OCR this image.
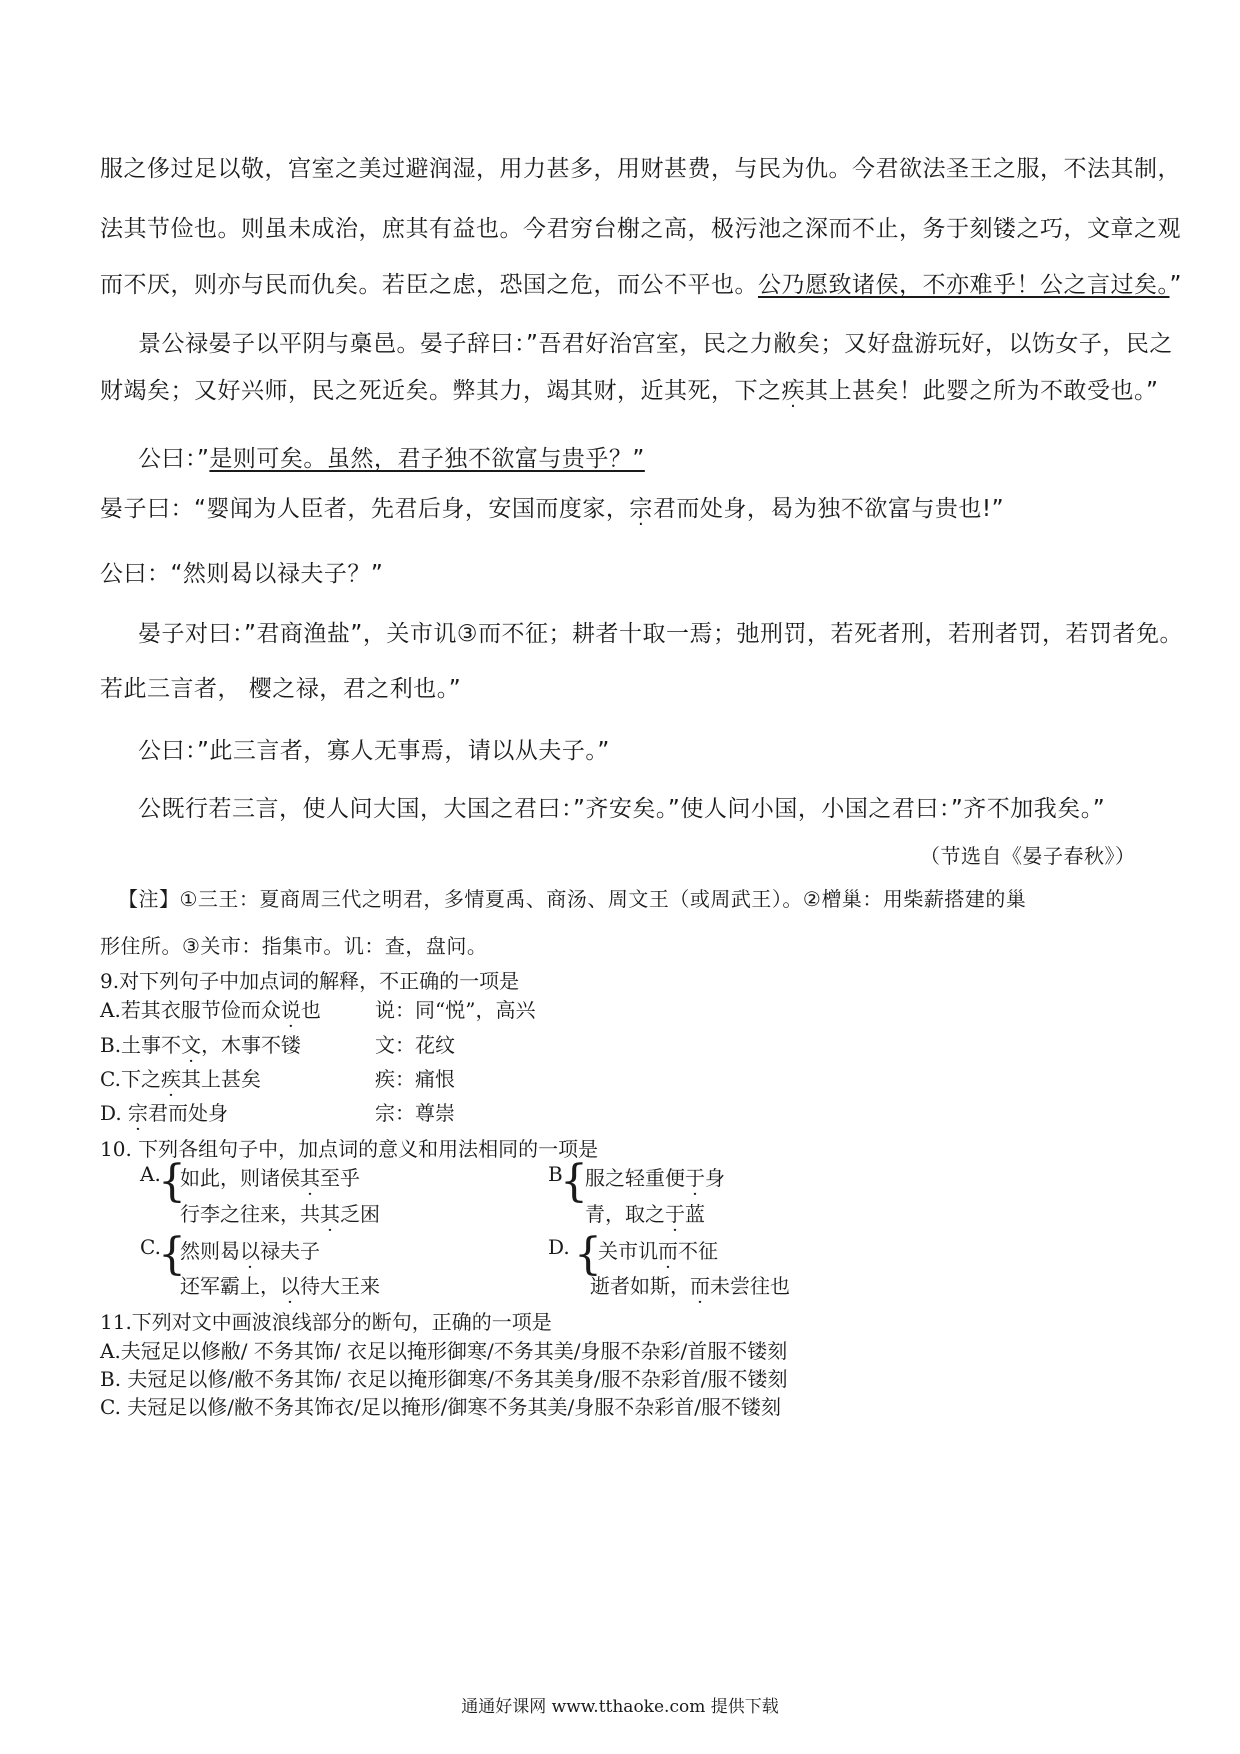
服之侈过足以敬，宫室之美过避润湿，用力甚多，用财甚费，与民为仇。今君欲法圣王之服，不法其制，
法其节俭也。则虽未成治，庶其有益也。今君穷台榭之高，极污池之深而不止，务于刻镂之巧，文章之观
而不厌，则亦与民而仇矣。若臣之虑，恐国之危，而公不平也。公乃愿致诸侯，不亦难乎！公之言过矣。”
景公禄晏子以平阴与槀邑。晏子辞曰：”吾君好治宫室，民之力敝矣；又好盘游玩好，以饬女子，民之
财竭矣；又好兴师，民之死近矣。弊其力，竭其财，近其死，下之疾其上甚矣！此婴之所为不敢受也。”
公曰：”是则可矣。虽然，君子独不欲富与贵乎？”
晏子曰：“婴闻为人臣者，先君后身，安国而度家，宗君而处身，曷为独不欲富与贵也!”
公曰：“然则曷以禄夫子？”
晏子对曰：”君商渔盐”，关市讥③而不征；耕者十取一焉；弛刑罚，若死者刑，若刑者罚，若罚者免。
若此三言者， 樱之禄，君之利也。”
公曰：”此三言者，寡人无事焉，请以从夫子。”
公既行若三言，使人问大国，大国之君曰：”齐安矣。”使人问小国，小国之君曰：”齐不加我矣。”
（节选自《晏子春秋》）
【注】①三王：夏商周三代之明君，多情夏禹、商汤、周文王（或周武王）。②橧巢：用柴薪搭建的巢
形住所。③关市：指集市。讥：查，盘问。
9.对下列句子中加点词的解释，不正确的一项是
A.若其衣服节俭而众说也	说：同“悦”，高兴
B.土事不文，木事不镂	文：花纹
C.下之疾其上甚矣	疾：痛恨
D. 宗君而处身	宗：尊崇
10. 下列各组句子中，加点词的意义和用法相同的一项是
A.
{
如此，则诸侯其至乎
行李之往来，共其乏困
B
{
服之轻重便于身
青，取之于蓝
C.
{
然则曷以禄夫子
还军霸上，以待大王来
D. {
关市讥而不征
逝者如斯，而未尝往也
11.下列对文中画波浪线部分的断句，正确的一项是
A.夫冠足以修敝/ 不务其饰/ 衣足以掩形御寒/不务其美/身服不杂彩/首服不镂刻
B. 夫冠足以修/敝不务其饰/ 衣足以掩形御寒/不务其美身/服不杂彩首/服不镂刻
C. 夫冠足以修/敝不务其饰衣/足以掩形/御寒不务其美/身服不杂彩首/服不镂刻
通通好课网 www.tthaoke.com 提供下载
